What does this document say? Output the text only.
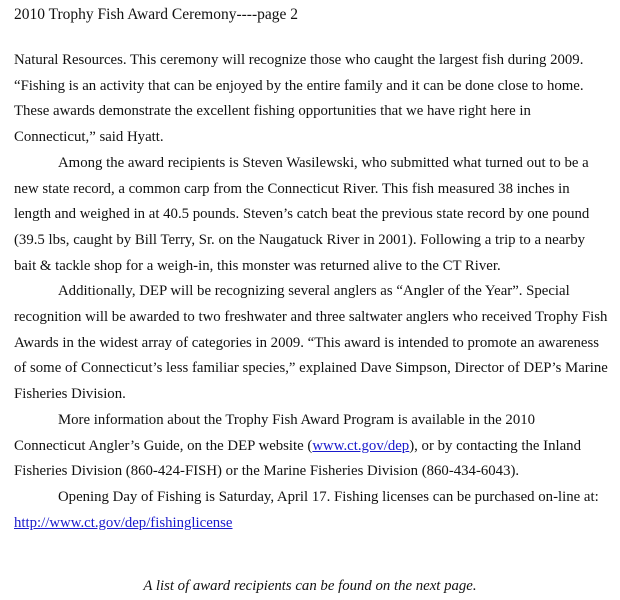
2010 Trophy Fish Award Ceremony----page 2

Natural Resources. This ceremony will recognize those who caught the largest fish during 2009. “Fishing is an activity that can be enjoyed by the entire family and it can be done close to home. These awards demonstrate the excellent fishing opportunities that we have right here in Connecticut,” said Hyatt.

Among the award recipients is Steven Wasilewski, who submitted what turned out to be a new state record, a common carp from the Connecticut River. This fish measured 38 inches in length and weighed in at 40.5 pounds. Steven’s catch beat the previous state record by one pound (39.5 lbs, caught by Bill Terry, Sr. on the Naugatuck River in 2001). Following a trip to a nearby bait & tackle shop for a weigh-in, this monster was returned alive to the CT River.

Additionally, DEP will be recognizing several anglers as “Angler of the Year”. Special recognition will be awarded to two freshwater and three saltwater anglers who received Trophy Fish Awards in the widest array of categories in 2009. “This award is intended to promote an awareness of some of Connecticut’s less familiar species,” explained Dave Simpson, Director of DEP’s Marine Fisheries Division.

More information about the Trophy Fish Award Program is available in the 2010 Connecticut Angler’s Guide, on the DEP website (www.ct.gov/dep), or by contacting the Inland Fisheries Division (860-424-FISH) or the Marine Fisheries Division (860-434-6043).

Opening Day of Fishing is Saturday, April 17. Fishing licenses can be purchased on-line at:  http://www.ct.gov/dep/fishinglicense

A list of award recipients can be found on the next page.
